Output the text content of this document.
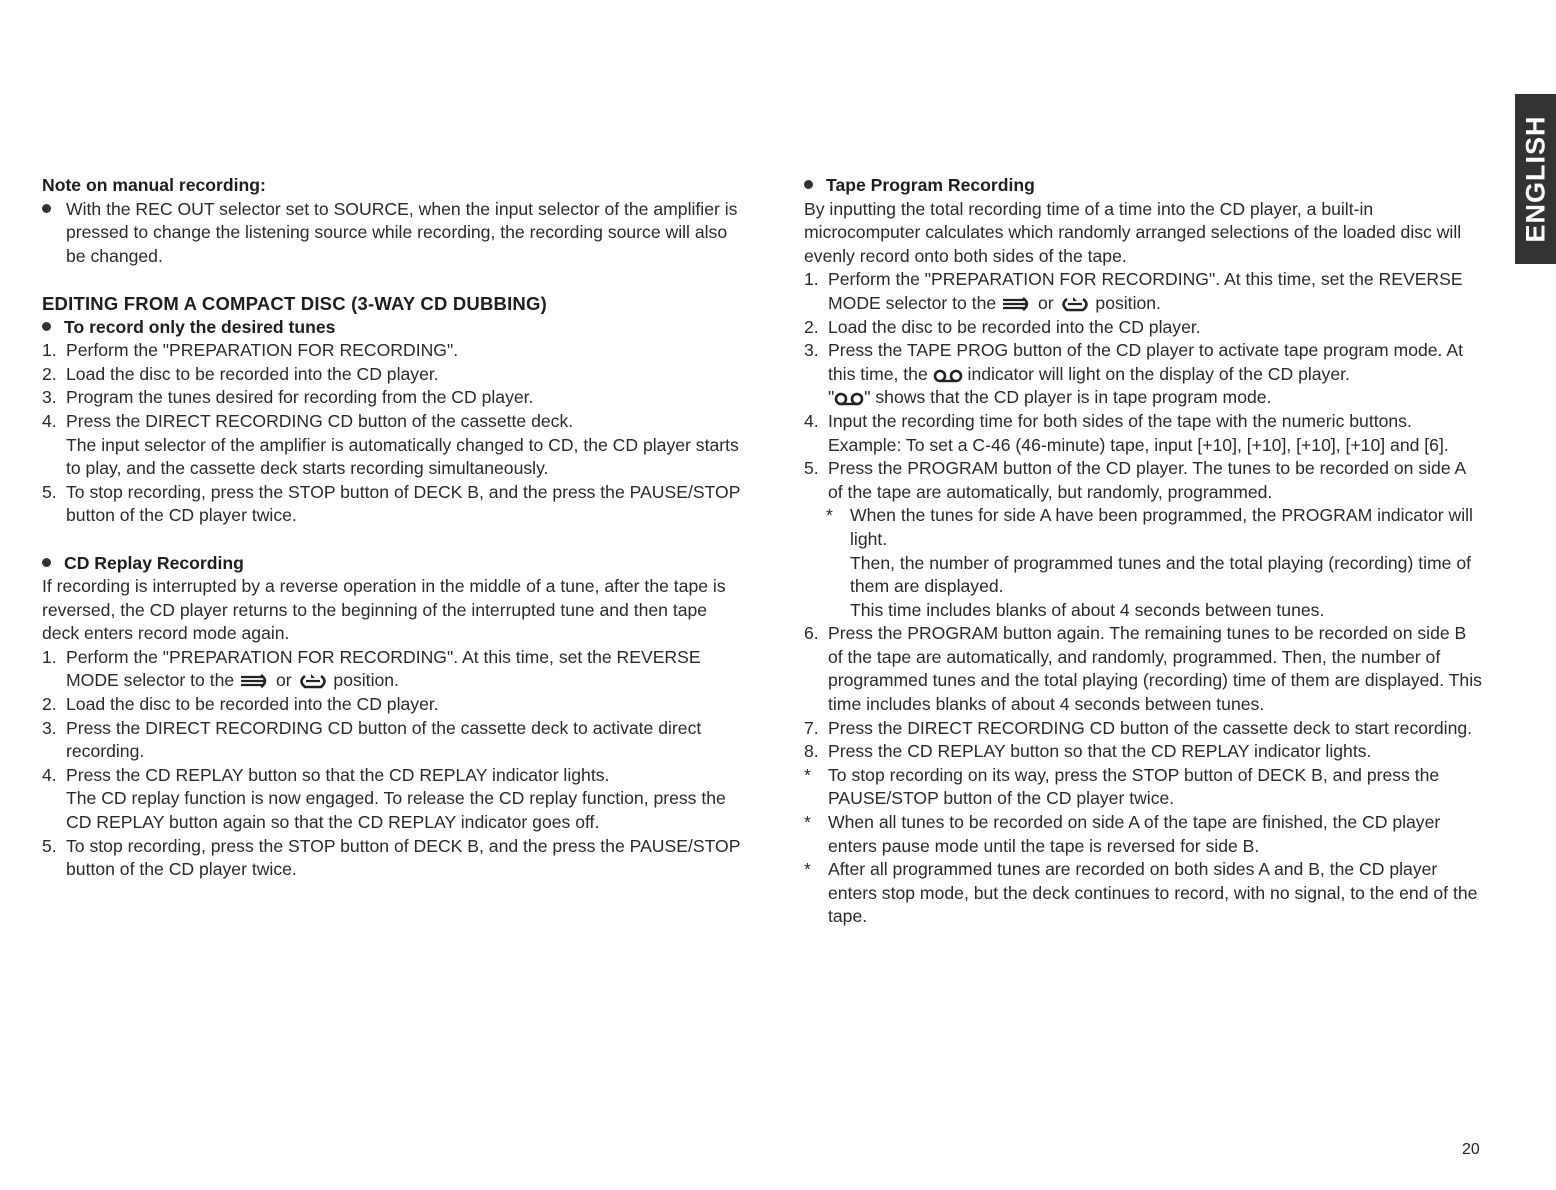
ENGLISH
Note on manual recording:
With the REC OUT selector set to SOURCE, when the input selector of the amplifier is pressed to change the listening source while recording, the recording source will also be changed.
EDITING FROM A COMPACT DISC (3-WAY CD DUBBING)
To record only the desired tunes
1. Perform the "PREPARATION FOR RECORDING".
2. Load the disc to be recorded into the CD player.
3. Program the tunes desired for recording from the CD player.
4. Press the DIRECT RECORDING CD button of the cassette deck.
The input selector of the amplifier is automatically changed to CD, the CD player starts to play, and the cassette deck starts recording simultaneously.
5. To stop recording, press the STOP button of DECK B, and the press the PAUSE/STOP button of the CD player twice.
CD Replay Recording
If recording is interrupted by a reverse operation in the middle of a tune, after the tape is reversed, the CD player returns to the beginning of the interrupted tune and then tape deck enters record mode again.
1. Perform the "PREPARATION FOR RECORDING". At this time, set the REVERSE MODE selector to the or position.
2. Load the disc to be recorded into the CD player.
3. Press the DIRECT RECORDING CD button of the cassette deck to activate direct recording.
4. Press the CD REPLAY button so that the CD REPLAY indicator lights.
The CD replay function is now engaged. To release the CD replay function, press the CD REPLAY button again so that the CD REPLAY indicator goes off.
5. To stop recording, press the STOP button of DECK B, and the press the PAUSE/STOP button of the CD player twice.
Tape Program Recording
By inputting the total recording time of a time into the CD player, a built-in microcomputer calculates which randomly arranged selections of the loaded disc will evenly record onto both sides of the tape.
1. Perform the "PREPARATION FOR RECORDING". At this time, set the REVERSE MODE selector to the or position.
2. Load the disc to be recorded into the CD player.
3. Press the TAPE PROG button of the CD player to activate tape program mode. At this time, the indicator will light on the display of the CD player.
" " shows that the CD player is in tape program mode.
4. Input the recording time for both sides of the tape with the numeric buttons. Example: To set a C-46 (46-minute) tape, input [+10], [+10], [+10], [+10] and [6].
5. Press the PROGRAM button of the CD player. The tunes to be recorded on side A of the tape are automatically, but randomly, programmed.
* When the tunes for side A have been programmed, the PROGRAM indicator will light.
Then, the number of programmed tunes and the total playing (recording) time of them are displayed.
This time includes blanks of about 4 seconds between tunes.
6. Press the PROGRAM button again. The remaining tunes to be recorded on side B of the tape are automatically, and randomly, programmed. Then, the number of programmed tunes and the total playing (recording) time of them are displayed. This time includes blanks of about 4 seconds between tunes.
7. Press the DIRECT RECORDING CD button of the cassette deck to start recording.
8. Press the CD REPLAY button so that the CD REPLAY indicator lights.
* To stop recording on its way, press the STOP button of DECK B, and press the PAUSE/STOP button of the CD player twice.
* When all tunes to be recorded on side A of the tape are finished, the CD player enters pause mode until the tape is reversed for side B.
* After all programmed tunes are recorded on both sides A and B, the CD player enters stop mode, but the deck continues to record, with no signal, to the end of the tape.
20
